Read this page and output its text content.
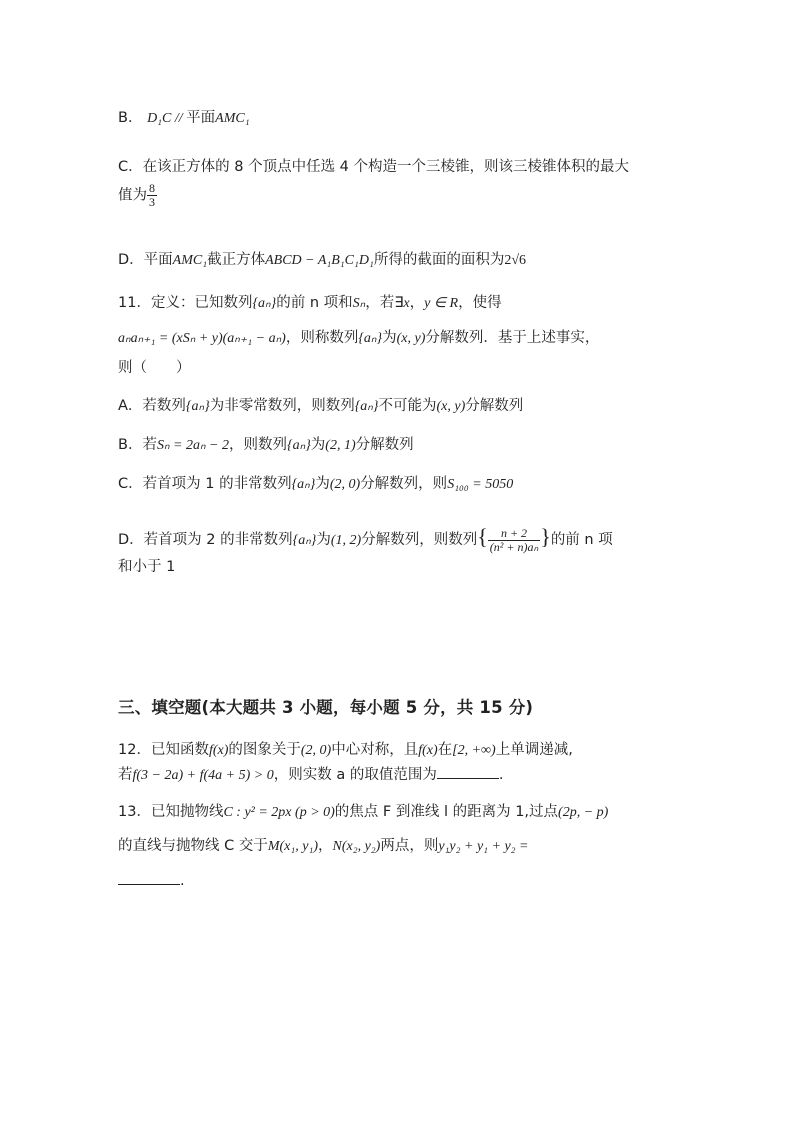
B． D₁C // 平面AMC₁
C．在该正方体的 8 个顶点中任选 4 个构造一个三棱锥，则该三棱锥体积的最大
值为 $\frac{8}{3}$
D．平面AMC₁截正方体ABCD − A₁B₁C₁D₁所得的截面的面积为2√6
11．定义：已知数列{aₙ}的前 n 项和Sₙ，若∃x，y ∈ R，使得
aₙaₙ₊₁ = (xSₙ + y)(aₙ₊₁ − aₙ)，则称数列{aₙ}为(x, y)分解数列．基于上述事实，
则（　　）
A．若数列{aₙ}为非零常数列，则数列{aₙ}不可能为(x, y)分解数列
B．若Sₙ = 2aₙ − 2，则数列{aₙ}为(2, 1)分解数列
C．若首项为 1 的非常数列{aₙ}为(2, 0)分解数列，则S₁₀₀ = 5050
D．若首项为 2 的非常数列{aₙ}为(1, 2)分解数列，则数列{ $\frac{n + 2}{\text{(n² + n)aₙ}}$ }的前 n 项
和小于 1
三、填空题(本大题共 3 小题，每小题 5 分，共 15 分)
12．已知函数f(x)的图象关于(2, 0)中心对称，且f(x)在[2, +∞)上单调递减,
若f(3 − 2a) + f(4a + 5) > 0，则实数 a 的取值范围为	.
13．已知抛物线C : y² = 2px (p > 0)的焦点 F 到准线 l 的距离为 1,过点(2p, − p)
的直线与抛物线 C 交于M(x₁, y₁)，N(x₂, y₂)两点，则y₁y₂ + y₁ + y₂ =
.
